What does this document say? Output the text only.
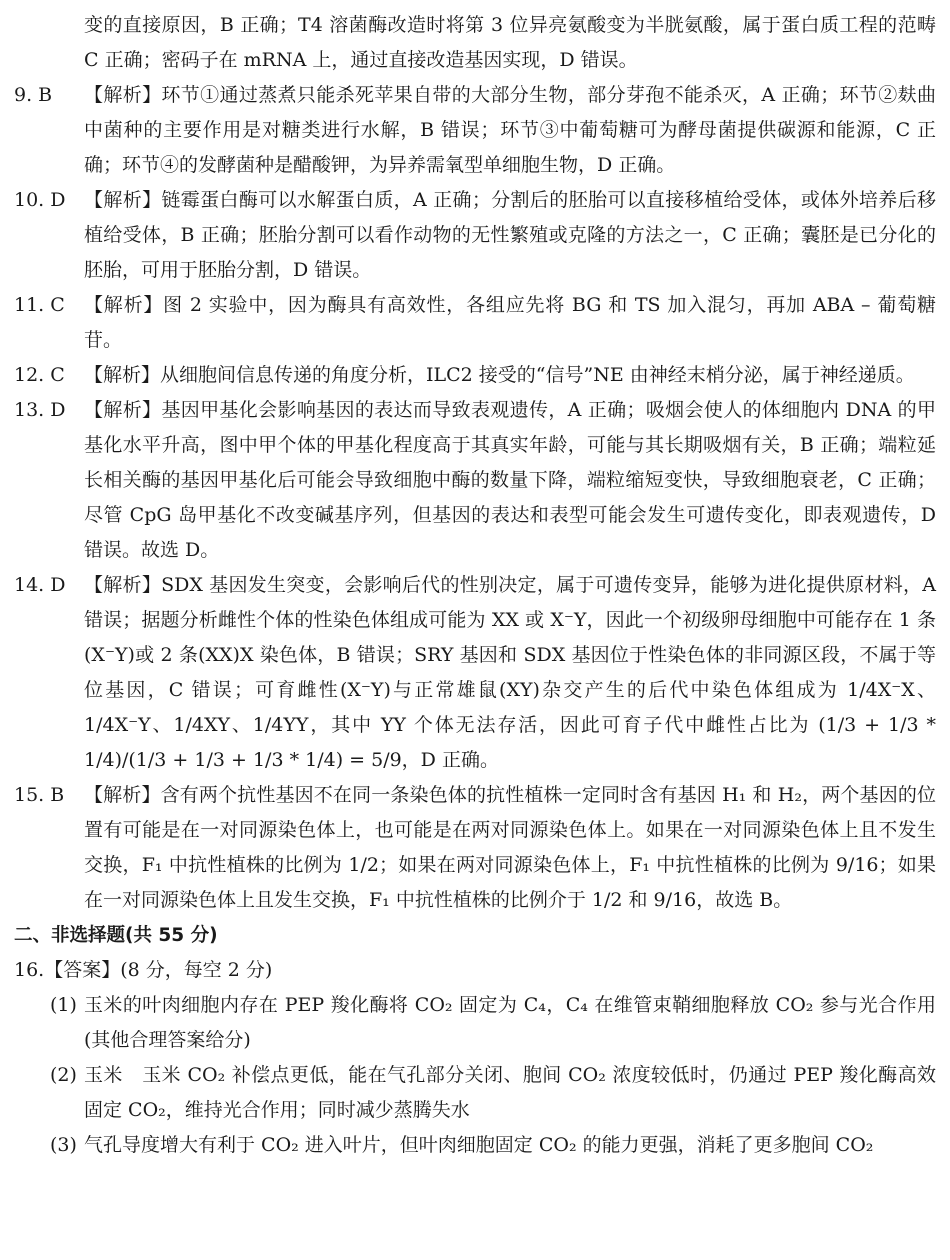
变的直接原因，B 正确；T4 溶菌酶改造时将第 3 位异亮氨酸变为半胱氨酸，属于蛋白质工程的范畴 C 正确；密码子在 mRNA 上，通过直接改造基因实现，D 错误。

9. B	【解析】环节①通过蒸煮只能杀死苹果自带的大部分生物，部分芽孢不能杀灭，A 正确；环节②麸曲中菌种的主要作用是对糖类进行水解，B 错误；环节③中葡萄糖可为酵母菌提供碳源和能源，C 正确；环节④的发酵菌种是醋酸钾，为异养需氧型单细胞生物，D 正确。
10. D 【解析】链霉蛋白酶可以水解蛋白质，A 正确；分割后的胚胎可以直接移植给受体，或体外培养后移植给受体，B 正确；胚胎分割可以看作动物的无性繁殖或克隆的方法之一，C 正确；囊胚是已分化的胚胎，可用于胚胎分割，D 错误。
11. C	【解析】图 2 实验中，因为酶具有高效性，各组应先将 BG 和 TS 加入混匀，再加 ABA – 葡萄糖苷。
12. C	【解析】从细胞间信息传递的角度分析，ILC2 接受的“信号”NE 由神经末梢分泌，属于神经递质。
13. D 【解析】基因甲基化会影响基因的表达而导致表观遗传，A 正确；吸烟会使人的体细胞内 DNA 的甲基化水平升高，图中甲个体的甲基化程度高于其真实年龄，可能与其长期吸烟有关，B 正确；端粒延长相关酶的基因甲基化后可能会导致细胞中酶的数量下降，端粒缩短变快，导致细胞衰老，C 正确；尽管 CpG 岛甲基化不改变碱基序列，但基因的表达和表型可能会发生可遗传变化，即表观遗传，D 错误。故选 D。
14. D 【解析】SDX 基因发生突变，会影响后代的性别决定，属于可遗传变异，能够为进化提供原材料，A 错误；据题分析雌性个体的性染色体组成可能为 XX 或 X⁻Y，因此一个初级卵母细胞中可能存在 1 条(X⁻Y)或 2 条(XX)X 染色体，B 错误；SRY 基因和 SDX 基因位于性染色体的非同源区段，不属于等位基因，C 错误；可育雌性(X⁻Y)与正常雄鼠(XY)杂交产生的后代中染色体组成为 1/4X⁻X、1/4X⁻Y、1/4XY、1/4YY，其中 YY 个体无法存活，因此可育子代中雌性占比为 (1/3 + 1/3 * 1/4)/(1/3 + 1/3 + 1/3 * 1/4) = 5/9，D 正确。
15. B	【解析】含有两个抗性基因不在同一条染色体的抗性植株一定同时含有基因 H₁ 和 H₂，两个基因的位置有可能是在一对同源染色体上，也可能是在两对同源染色体上。如果在一对同源染色体上且不发生交换，F₁ 中抗性植株的比例为 1/2；如果在两对同源染色体上，F₁ 中抗性植株的比例为 9/16；如果在一对同源染色体上且发生交换，F₁ 中抗性植株的比例介于 1/2 和 9/16，故选 B。

二、非选择题(共 55 分)

16.【答案】(8 分，每空 2 分)

(1) 玉米的叶肉细胞内存在 PEP 羧化酶将 CO₂ 固定为 C₄，C₄ 在维管束鞘细胞释放 CO₂ 参与光合作用(其他合理答案给分)
(2) 玉米　玉米 CO₂ 补偿点更低，能在气孔部分关闭、胞间 CO₂ 浓度较低时，仍通过 PEP 羧化酶高效固定 CO₂，维持光合作用；同时减少蒸腾失水
(3) 气孔导度增大有利于 CO₂ 进入叶片，但叶肉细胞固定 CO₂ 的能力更强，消耗了更多胞间 CO₂
